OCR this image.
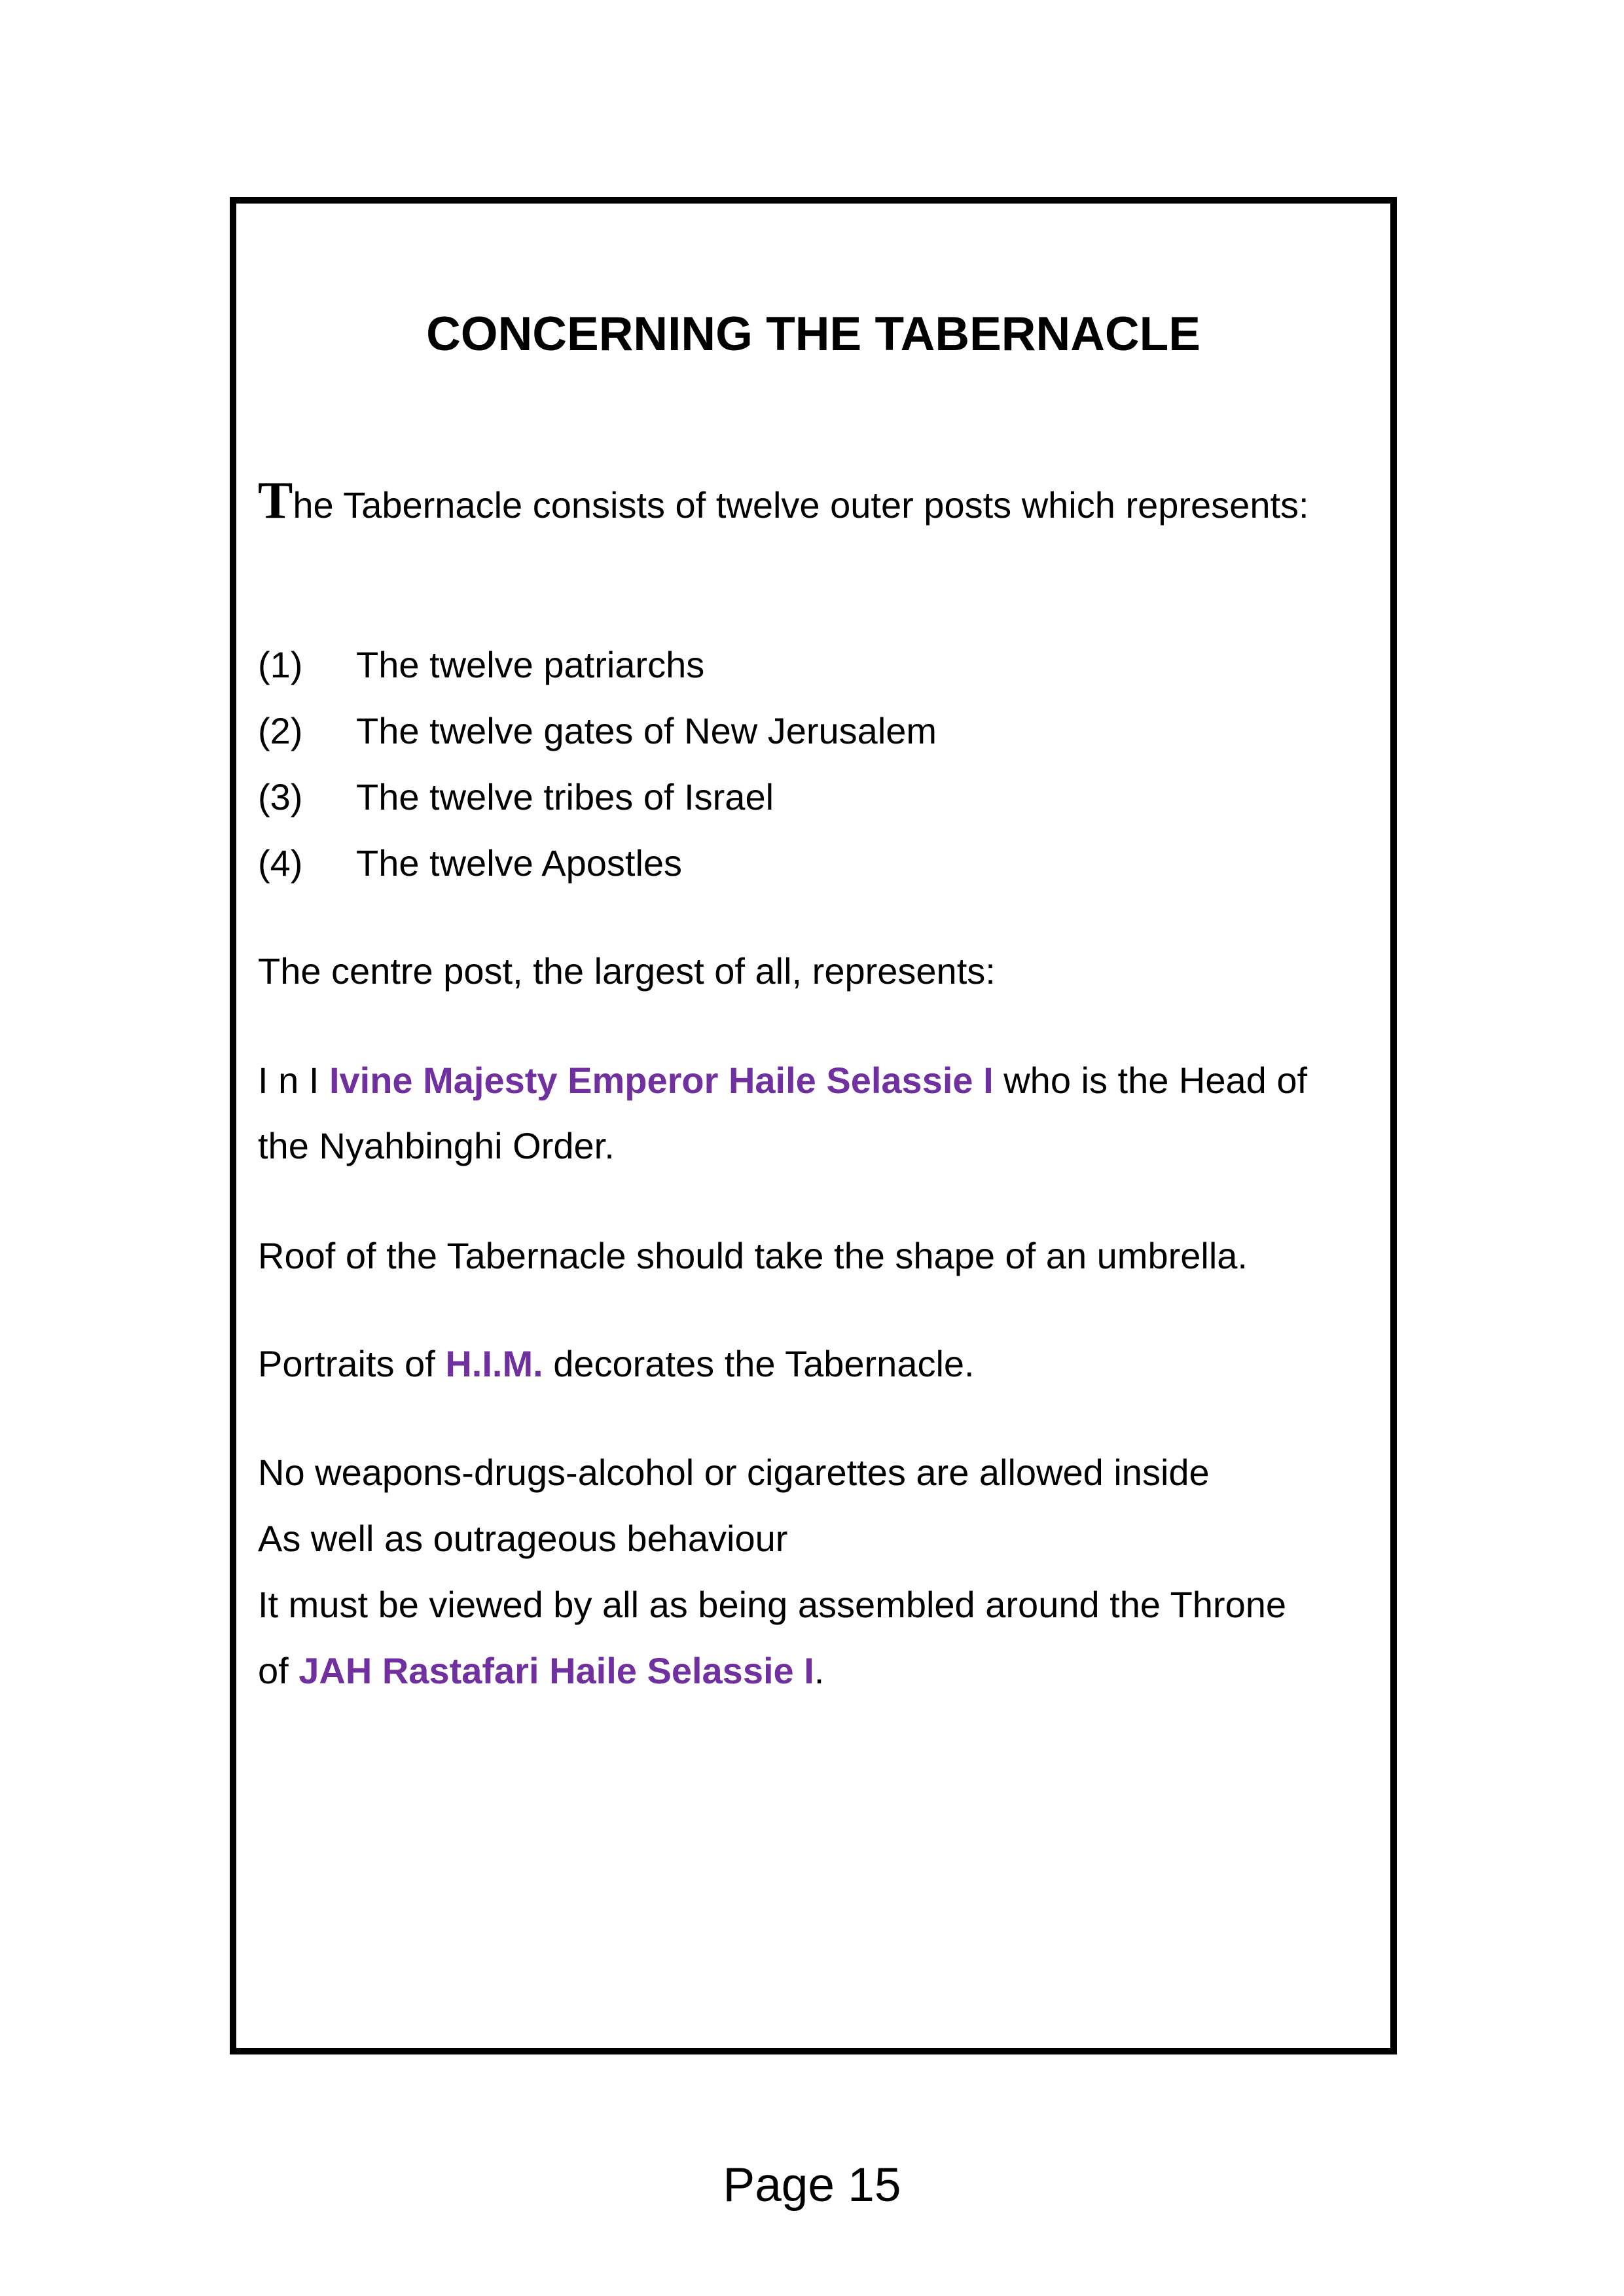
CONCERNING THE TABERNACLE

The Tabernacle consists of twelve outer posts which represents:

(1) The twelve patriarchs

(2) The twelve gates of New Jerusalem

(3) The twelve tribes of Israel

(4) The twelve Apostles

The centre post, the largest of all, represents:

I n I Ivine Majesty Emperor Haile Selassie I who is the Head of

the Nyahbinghi Order.

Roof of the Tabernacle should take the shape of an umbrella.

Portraits of H.I.M. decorates the Tabernacle.

No weapons-drugs-alcohol or cigarettes are allowed inside

As well as outrageous behaviour

It must be viewed by all as being assembled around the Throne

of JAH Rastafari Haile Selassie I.

Page 15
